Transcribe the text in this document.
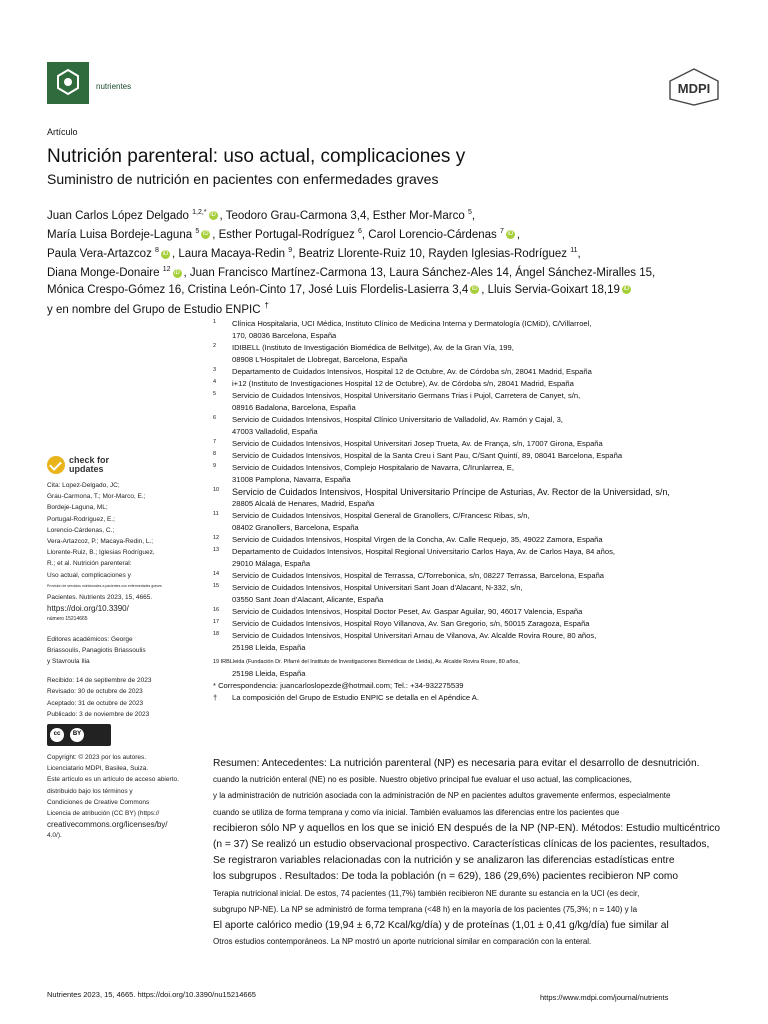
nutrientes	MDPI
Artículo
Nutrición parenteral: uso actual, complicaciones y
Suministro de nutrición en pacientes con enfermedades graves
Juan Carlos López Delgado $^{1,2,*}$ iD , Teodoro Grau-Carmona 3,4, Esther Mor-Marco $^5$,
María Luisa Bordeje-Laguna $^5$ iD , Esther Portugal-Rodríguez $^6$, Carol Lorencio-Cárdenas $^7$ iD ,
Paula Vera-Artazcoz $^8$ iD , Laura Macaya-Redin $^9$, Beatriz Llorente-Ruiz 10, Rayden Iglesias-Rodríguez $^{11}$,
Diana Monge-Donaire $^{12}$ iD , Juan Francisco Martínez-Carmona 13, Laura Sánchez-Ales 14, Ángel Sánchez-Miralles 15,
Mónica Crespo-Gómez 16, Cristina León-Cinto 17, José Luis Flordelis-Lasierra 3,4 iD , Lluis Servia-Goixart 18,19 iD
y en nombre del Grupo de Estudio ENPIC †
1 Clínica Hospitalaria, UCI Médica, Instituto Clínico de Medicina Interna y Dermatología (ICMiD), C/Villarroel,
170, 08036 Barcelona, España
2 IDIBELL (Instituto de Investigación Biomédica de Bellvitge), Av. de la Gran Vía, 199,
08908 L'Hospitalet de Llobregat, Barcelona, España
3 Departamento de Cuidados Intensivos, Hospital 12 de Octubre, Av. de Córdoba s/n, 28041 Madrid, España
4 i+12 (Instituto de Investigaciones Hospital 12 de Octubre), Av. de Córdoba s/n, 28041 Madrid, España
5 Servicio de Cuidados Intensivos, Hospital Universitario Germans Trias i Pujol, Carretera de Canyet, s/n,
08916 Badalona, Barcelona, España
6 Servicio de Cuidados Intensivos, Hospital Clínico Universitario de Valladolid, Av. Ramón y Cajal, 3,
47003 Valladolid, España
7 Servicio de Cuidados Intensivos, Hospital Universitari Josep Trueta, Av. de França, s/n, 17007 Girona, España
8 Servicio de Cuidados Intensivos, Hospital de la Santa Creu i Sant Pau, C/Sant Quintí, 89, 08041 Barcelona, España
9 Servicio de Cuidados Intensivos, Complejo Hospitalario de Navarra, C/Irunlarrea, E,
31008 Pamplona, Navarra, España
10 Servicio de Cuidados Intensivos, Hospital Universitario Príncipe de Asturias, Av. Rector de la Universidad, s/n,
28805 Alcalá de Henares, Madrid, España
11 Servicio de Cuidados Intensivos, Hospital General de Granollers, C/Francesc Ribas, s/n,
08402 Granollers, Barcelona, España
12 Servicio de Cuidados Intensivos, Hospital Virgen de la Concha, Av. Calle Requejo, 35, 49022 Zamora, España
13 Departamento de Cuidados Intensivos, Hospital Regional Universitario Carlos Haya, Av. de Carlos Haya, 84 años,
29010 Málaga, España
14 Servicio de Cuidados Intensivos, Hospital de Terrassa, C/Torrebonica, s/n, 08227 Terrassa, Barcelona, España
15 Servicio de Cuidados Intensivos, Hospital Universitari Sant Joan d'Alacant, N-332, s/n,
03550 Sant Joan d'Alacant, Alicante, España
16 Servicio de Cuidados Intensivos, Hospital Doctor Peset, Av. Gaspar Aguilar, 90, 46017 Valencia, España
17 Servicio de Cuidados Intensivos, Hospital Royo Villanova, Av. San Gregorio, s/n, 50015 Zaragoza, España
18 Servicio de Cuidados Intensivos, Hospital Universitari Arnau de Vilanova, Av. Alcalde Rovira Roure, 80 años,
25198 Lleida, España
19 IRBLleida (Fundación Dr. Pifarré del Instituto de Investigaciones Biomédicas de Lleida), Av. Alcalde Rovira Roure, 80 años,
25198 Lleida, España
* Correspondencia: juancarloslopezde@hotmail.com; Tel.: +34-932275539
† La composición del Grupo de Estudio ENPIC se detalla en el Apéndice A.
check for
updates
Cita: Lopez-Delgado, JC;
Grau-Carmona, T.; Mor-Marco, E.;
Bordeje-Laguna, ML;
Portugal-Rodríguez, E.;
Lorencio-Cárdenas, C.;
Vera-Artazcoz, P.; Macaya-Redin, L.;
Llorente-Ruiz, B.; Iglesias Rodríguez,
R.; et al. Nutrición parenteral:
Uso actual, complicaciones y
Provisión de servicios nutricionales a pacientes con enfermedades graves
Pacientes. Nutrients 2023, 15, 4665.
https://doi.org/10.3390/
número 15214665
Editores académicos: George
Briassoulis, Panagiotis Briassoulis
y Stavroula Ilia
Recibido: 14 de septiembre de 2023
Revisado: 30 de octubre de 2023
Aceptado: 31 de octubre de 2023
Publicado: 3 de noviembre de 2023
cc	BY
Copyright: © 2023 por los autores.
Licenciatario MDPI, Basilea, Suiza.
Este artículo es un artículo de acceso abierto.
distribuido bajo los términos y
Condiciones de Creative Commons
Licencia de atribución (CC BY) (https://
creativecommons.org/licenses/by/
4.0/).
Resumen: Antecedentes: La nutrición parenteral (NP) es necesaria para evitar el desarrollo de desnutrición.
cuando la nutrición enteral (NE) no es posible. Nuestro objetivo principal fue evaluar el uso actual, las complicaciones,
y la administración de nutrición asociada con la administración de NP en pacientes adultos gravemente enfermos, especialmente
cuando se utiliza de forma temprana y como vía inicial. También evaluamos las diferencias entre los pacientes que
recibieron sólo NP y aquellos en los que se inició EN después de la NP (NP-EN). Métodos: Estudio multicéntrico
(n = 37) Se realizó un estudio observacional prospectivo. Características clínicas de los pacientes, resultados,
Se registraron variables relacionadas con la nutrición y se analizaron las diferencias estadísticas entre
los subgrupos . Resultados: De toda la población (n = 629), 186 (29,6%) pacientes recibieron NP como
Terapia nutricional inicial. De estos, 74 pacientes (11,7%) también recibieron NE durante su estancia en la UCI (es decir,
subgrupo NP-NE). La NP se administró de forma temprana (<48 h) en la mayoría de los pacientes (75,3%; n = 140) y la
El aporte calórico medio (19,94 ± 6,72 Kcal/kg/día) y de proteínas (1,01 ± 0,41 g/kg/día) fue similar al
Otros estudios contemporáneos. La NP mostró un aporte nutricional similar en comparación con la enteral.
Nutrientes 2023, 15, 4665. https://doi.org/10.3390/nu15214665	https://www.mdpi.com/journal/nutrients
